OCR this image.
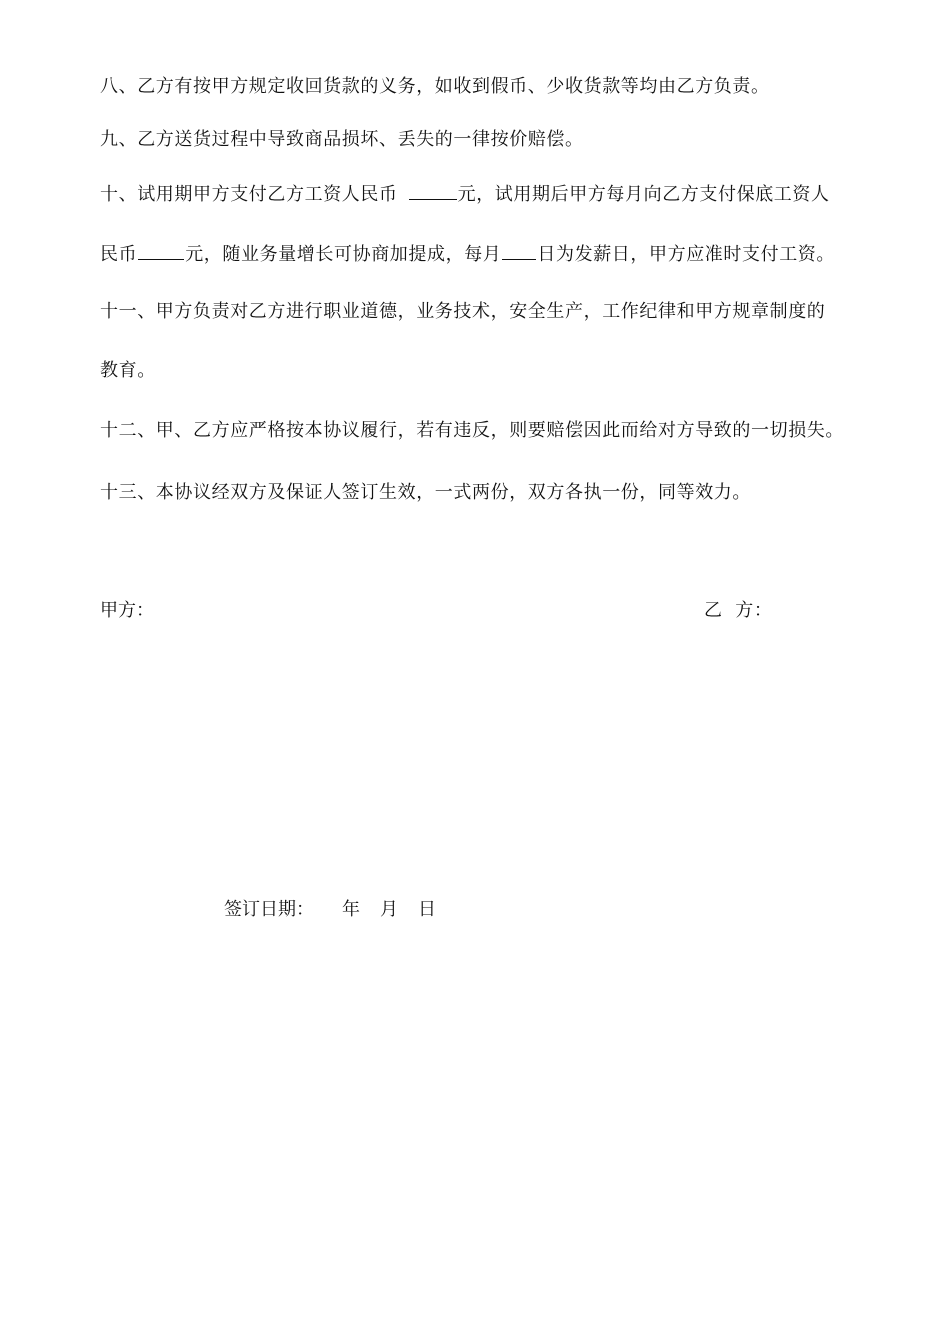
八、乙方有按甲方规定收回货款的义务，如收到假币、少收货款等均由乙方负责。
九、乙方送货过程中导致商品损坏、丢失的一律按价赔偿。
十、试用期甲方支付乙方工资人民币	元，试用期后甲方每月向乙方支付保底工资人
民币	元，随业务量增长可协商加提成，每月 日为发薪日，甲方应准时支付工资。
十一、甲方负责对乙方进行职业道德，业务技术，安全生产，工作纪律和甲方规章制度的
教育。
十二、甲、乙方应严格按本协议履行，若有违反，则要赔偿因此而给对方导致的一切损失。
十三、本协议经双方及保证人签订生效，一式两份，双方各执一份，同等效力。
甲方：	乙  方：
签订日期： 年 月 日
